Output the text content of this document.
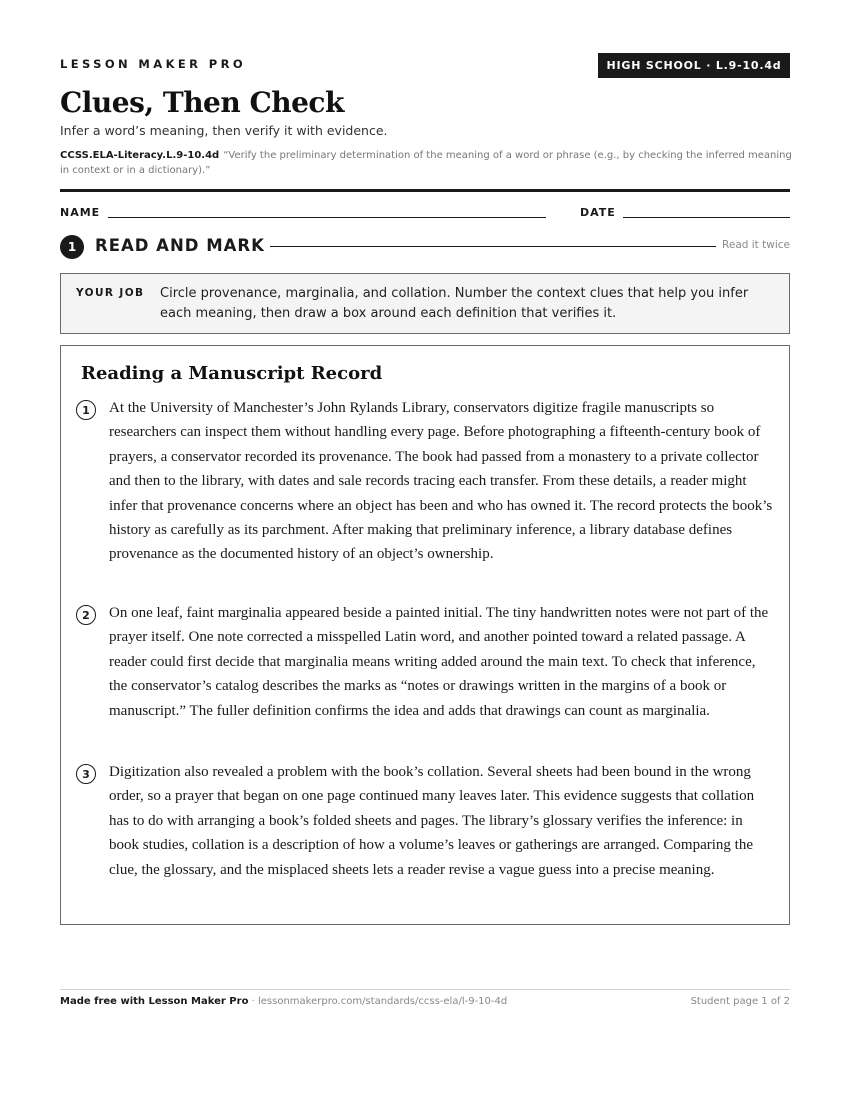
LESSON MAKER PRO	HIGH SCHOOL · L.9-10.4d
Clues, Then Check
Infer a word’s meaning, then verify it with evidence.
CCSS.ELA-Literacy.L.9-10.4d “Verify the preliminary determination of the meaning of a word or phrase (e.g., by checking the inferred meaning in context or in a dictionary).”
NAME	DATE
1	READ AND MARK	Read it twice
YOUR JOB Circle provenance, marginalia, and collation. Number the context clues that help you infer each meaning, then draw a box around each definition that verifies it.
Reading a Manuscript Record
1	At the University of Manchester’s John Rylands Library, conservators digitize fragile manuscripts so researchers can inspect them without handling every page. Before photographing a fifteenth-century book of prayers, a conservator recorded its provenance. The book had passed from a monastery to a private collector and then to the library, with dates and sale records tracing each transfer. From these details, a reader might infer that provenance concerns where an object has been and who has owned it. The record protects the book’s history as carefully as its parchment. After making that preliminary inference, a library database defines provenance as the documented history of an object’s ownership.

2	On one leaf, faint marginalia appeared beside a painted initial. The tiny handwritten notes were not part of the prayer itself. One note corrected a misspelled Latin word, and another pointed toward a related passage. A reader could first decide that marginalia means writing added around the main text. To check that inference, the conservator’s catalog describes the marks as “notes or drawings written in the margins of a book or manuscript.” The fuller definition confirms the idea and adds that drawings can count as marginalia.

3	Digitization also revealed a problem with the book’s collation. Several sheets had been bound in the wrong order, so a prayer that began on one page continued many leaves later. This evidence suggests that collation has to do with arranging a book’s folded sheets and pages. The library’s glossary verifies the inference: in book studies, collation is a description of how a volume’s leaves or gatherings are arranged. Comparing the clue, the glossary, and the misplaced sheets lets a reader revise a vague guess into a precise meaning.

Made free with Lesson Maker Pro · lessonmakerpro.com/standards/ccss-ela/l-9-10-4d	Student page 1 of 2
